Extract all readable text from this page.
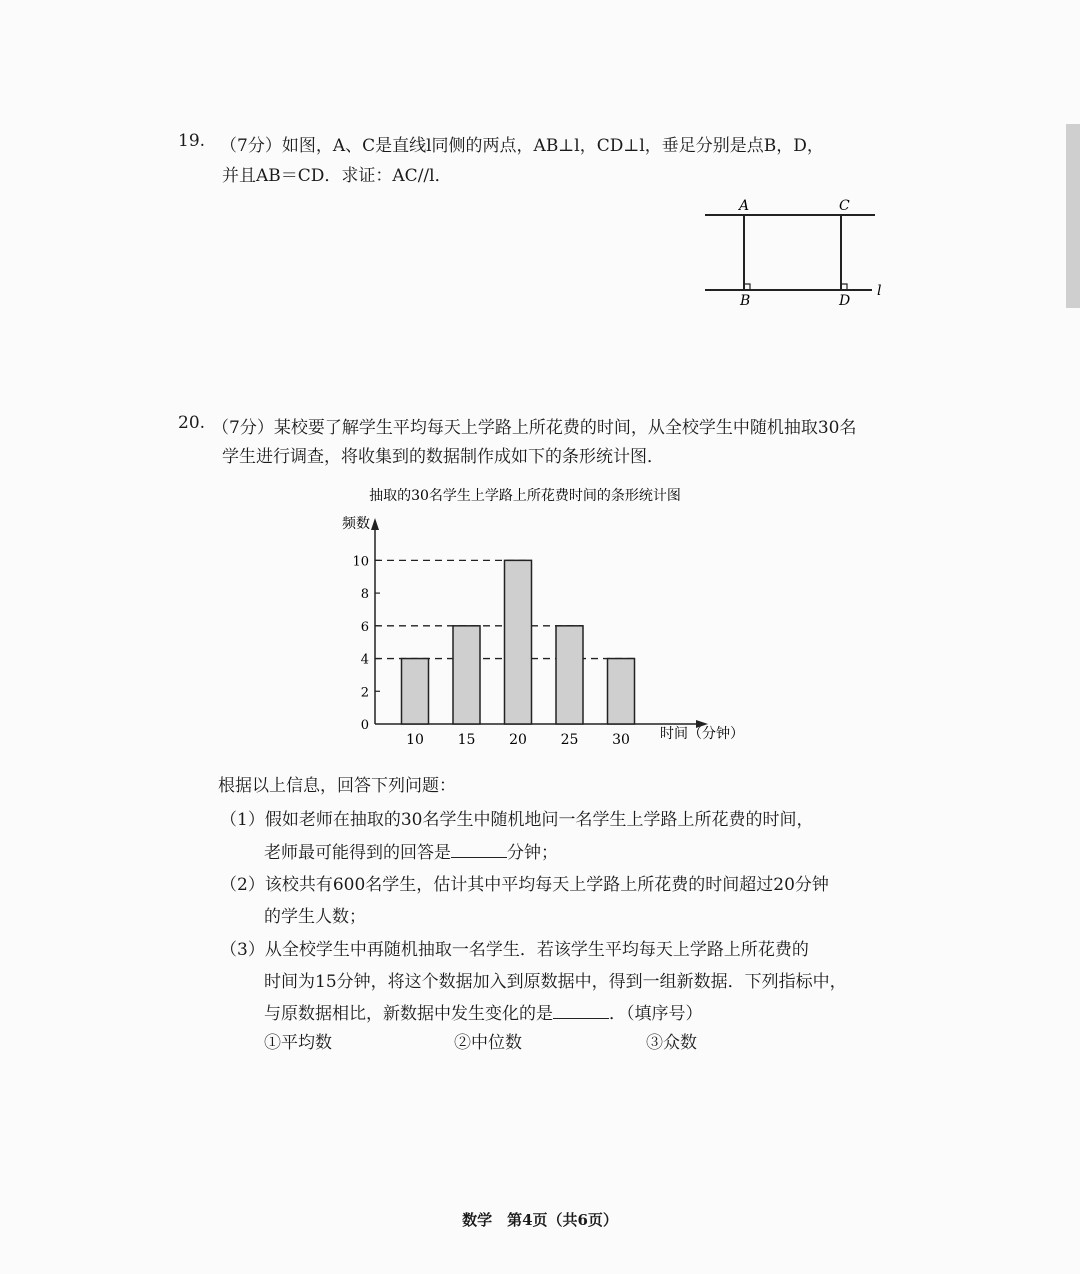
19. （7分）如图，A、C是直线l同侧的两点，AB⊥l，CD⊥l，垂足分别是点B，D，
并且AB＝CD．求证：AC//l．
A	C
B	D
l
20. （7分）某校要了解学生平均每天上学路上所花费的时间，从全校学生中随机抽取30名
学生进行调查，将收集到的数据制作成如下的条形统计图．
抽取的30名学生上学路上所花费时间的条形统计图
频数
时间（分钟）
0
2
4
6
8
10
10 15 20 25 30
根据以上信息，回答下列问题：
（1）假如老师在抽取的30名学生中随机地问一名学生上学路上所花费的时间，
老师最可能得到的回答是	分钟；
（2）该校共有600名学生，估计其中平均每天上学路上所花费的时间超过20分钟
的学生人数；
（3）从全校学生中再随机抽取一名学生．若该学生平均每天上学路上所花费的
时间为15分钟，将这个数据加入到原数据中，得到一组新数据．下列指标中，
与原数据相比，新数据中发生变化的是	．（填序号）
①平均数	②中位数	③众数
数学　第4页（共6页）
